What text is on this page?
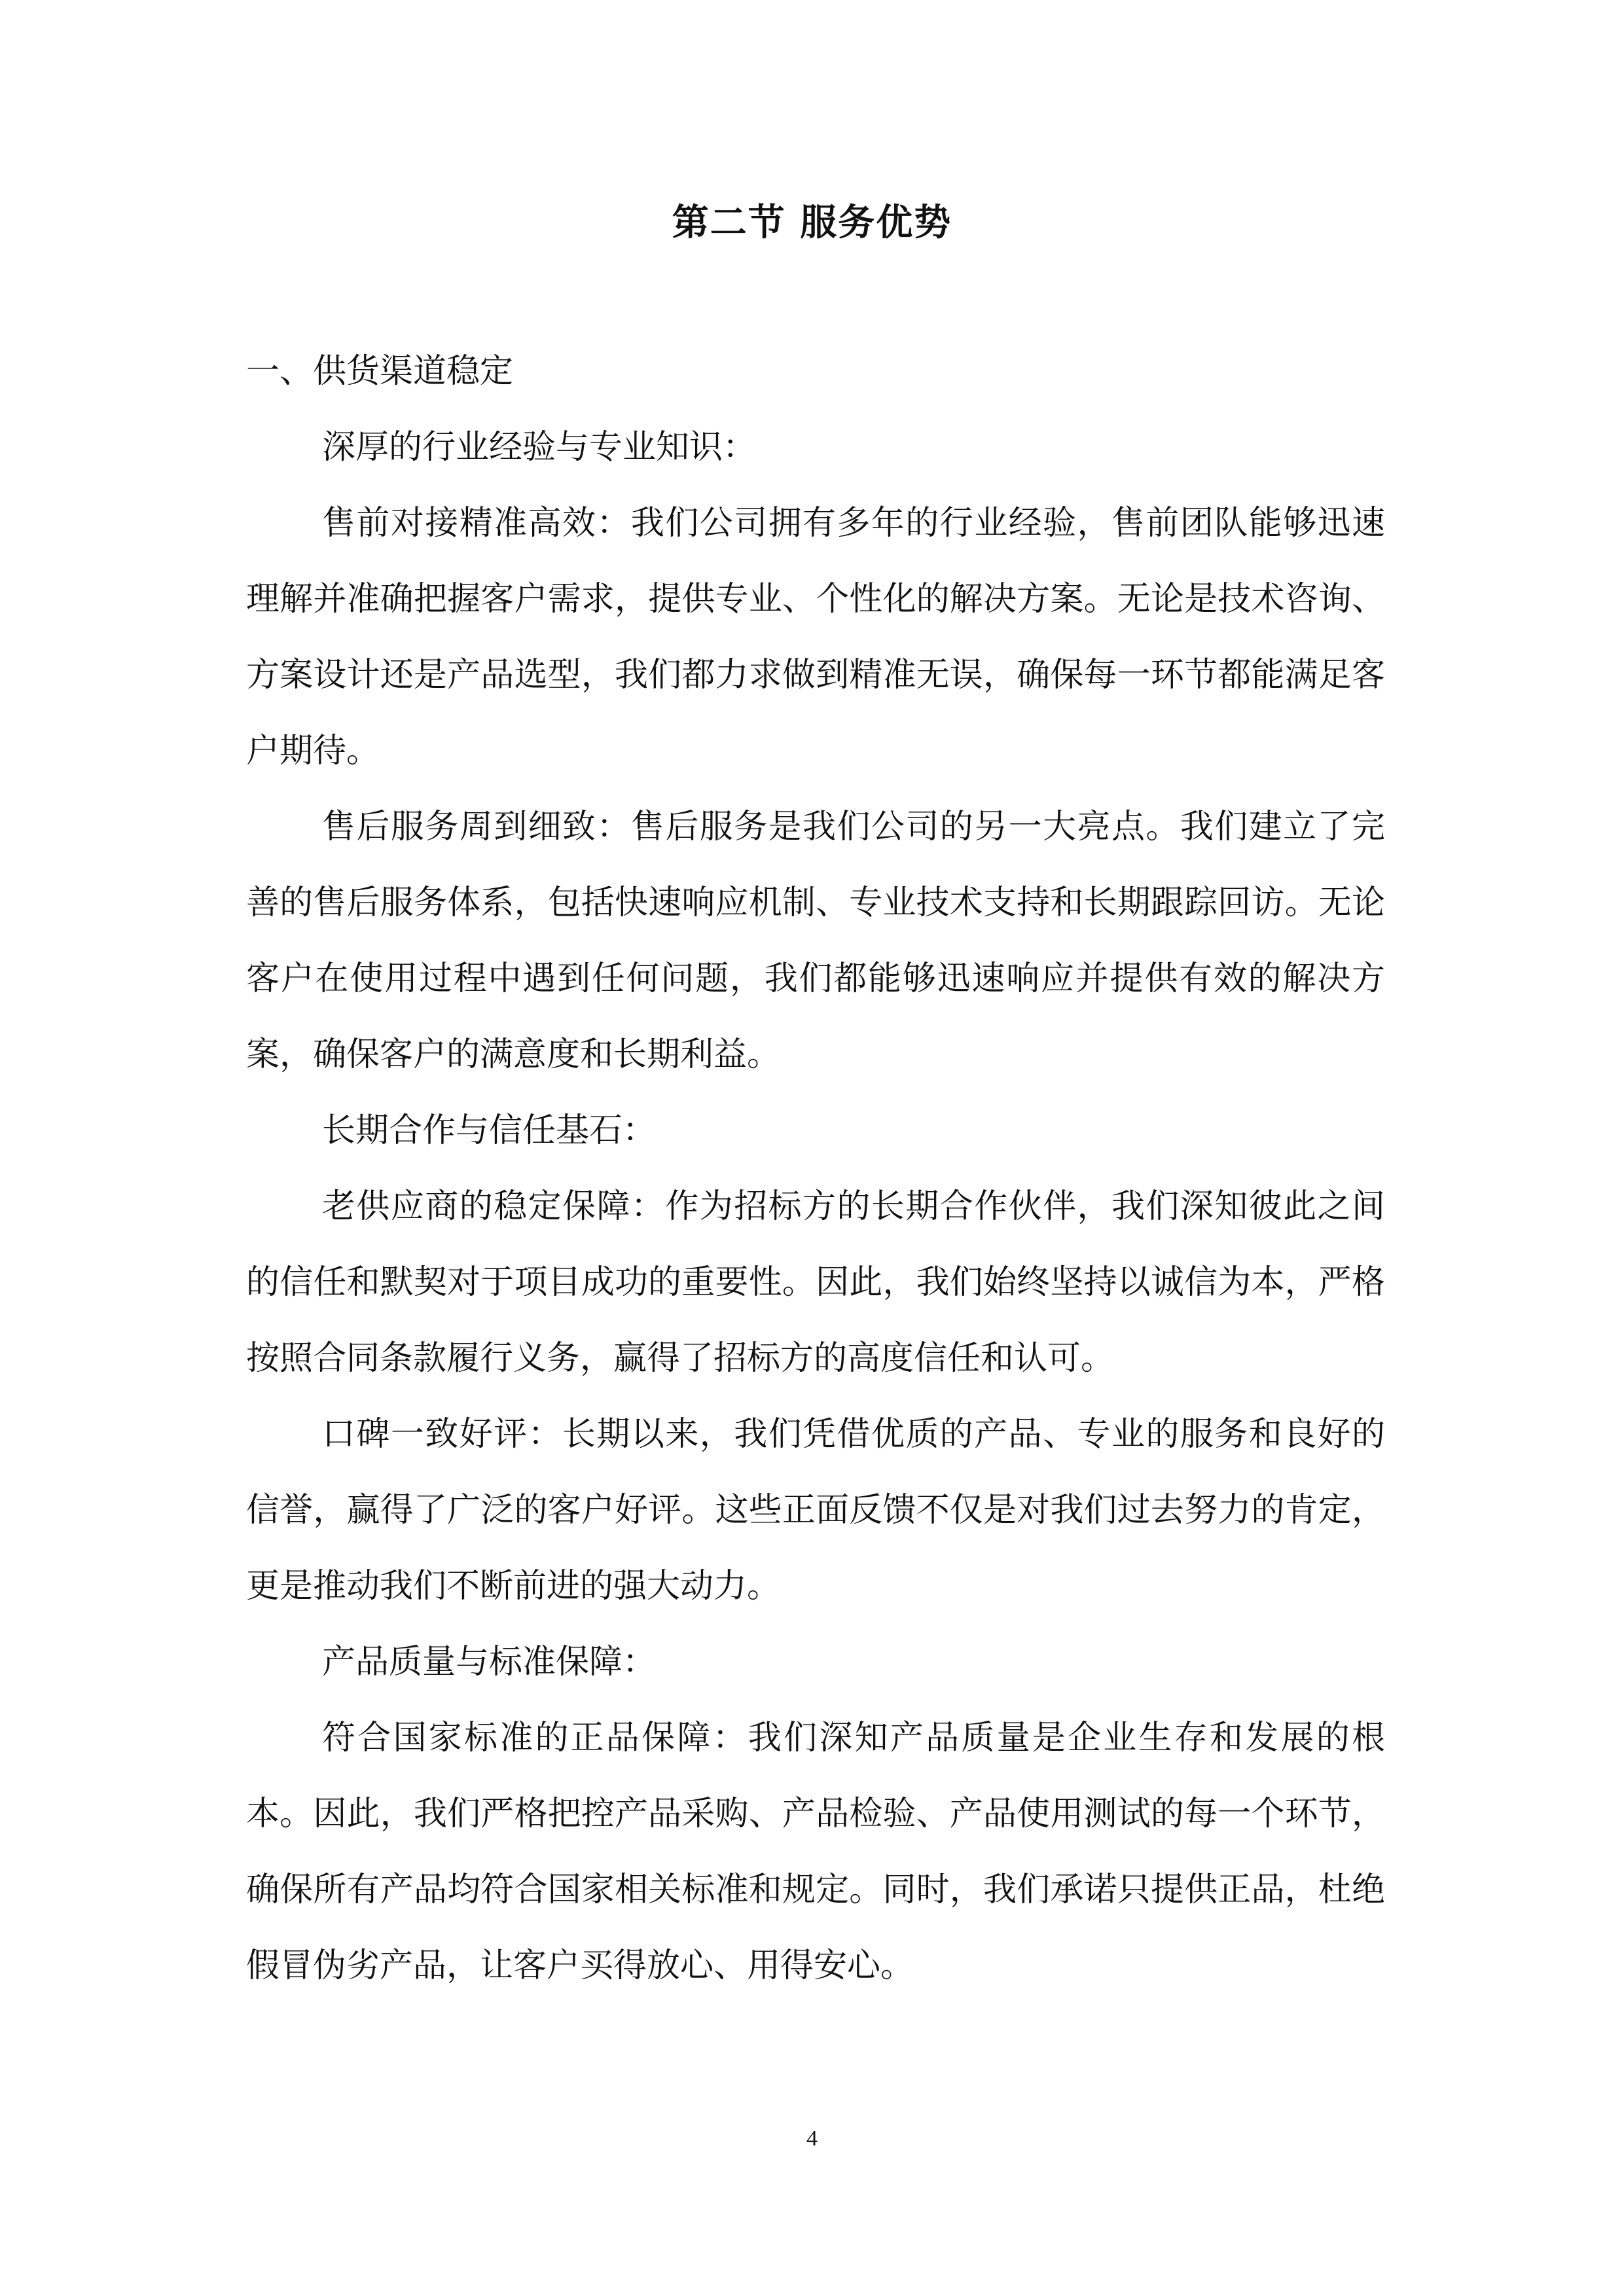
第二节 服务优势

一、供货渠道稳定

深厚的行业经验与专业知识：

售前对接精准高效：我们公司拥有多年的行业经验，售前团队能够迅速理解并准确把握客户需求，提供专业、个性化的解决方案。无论是技术咨询、方案设计还是产品选型，我们都力求做到精准无误，确保每一环节都能满足客户期待。

售后服务周到细致：售后服务是我们公司的另一大亮点。我们建立了完善的售后服务体系，包括快速响应机制、专业技术支持和长期跟踪回访。无论客户在使用过程中遇到任何问题，我们都能够迅速响应并提供有效的解决方案，确保客户的满意度和长期利益。

长期合作与信任基石：

老供应商的稳定保障：作为招标方的长期合作伙伴，我们深知彼此之间的信任和默契对于项目成功的重要性。因此，我们始终坚持以诚信为本，严格按照合同条款履行义务，赢得了招标方的高度信任和认可。

口碑一致好评：长期以来，我们凭借优质的产品、专业的服务和良好的信誉，赢得了广泛的客户好评。这些正面反馈不仅是对我们过去努力的肯定，更是推动我们不断前进的强大动力。

产品质量与标准保障：

符合国家标准的正品保障：我们深知产品质量是企业生存和发展的根本。因此，我们严格把控产品采购、产品检验、产品使用测试的每一个环节，确保所有产品均符合国家相关标准和规定。同时，我们承诺只提供正品，杜绝假冒伪劣产品，让客户买得放心、用得安心。

4
